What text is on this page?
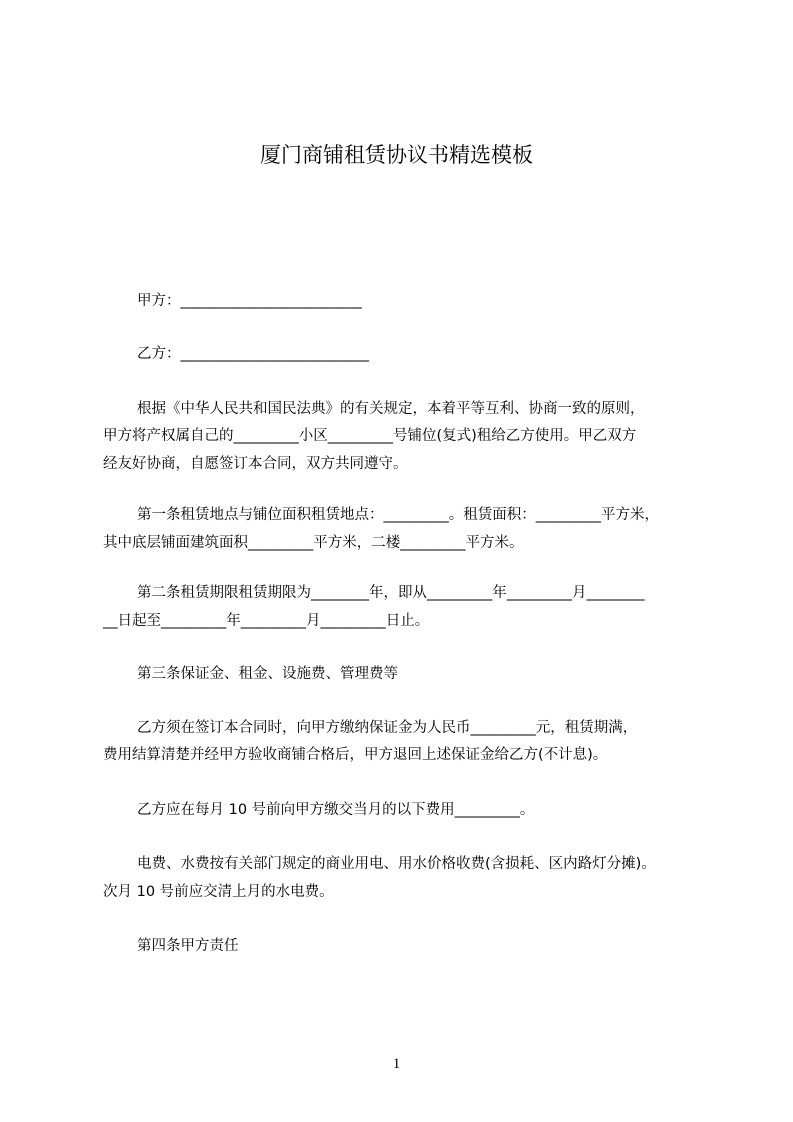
厦门商铺租赁协议书精选模板

甲方：_________________________

乙方：__________________________

根据《中华人民共和国民法典》的有关规定，本着平等互利、协商一致的原则，

甲方将产权属自己的_________小区_________号铺位(复式)租给乙方使用。甲乙双方

经友好协商，自愿签订本合同，双方共同遵守。

第一条租赁地点与铺位面积租赁地点：_________。租赁面积：_________平方米，

其中底层铺面建筑面积_________平方米，二楼_________平方米。

第二条租赁期限租赁期限为________年，即从_________年_________月________

__日起至_________年_________月_________日止。

第三条保证金、租金、设施费、管理费等

乙方须在签订本合同时，向甲方缴纳保证金为人民币_________元，租赁期满，

费用结算清楚并经甲方验收商铺合格后，甲方退回上述保证金给乙方(不计息)。

乙方应在每月 10 号前向甲方缴交当月的以下费用_________。

电费、水费按有关部门规定的商业用电、用水价格收费(含损耗、区内路灯分摊)。

次月 10 号前应交清上月的水电费。

第四条甲方责任

1
